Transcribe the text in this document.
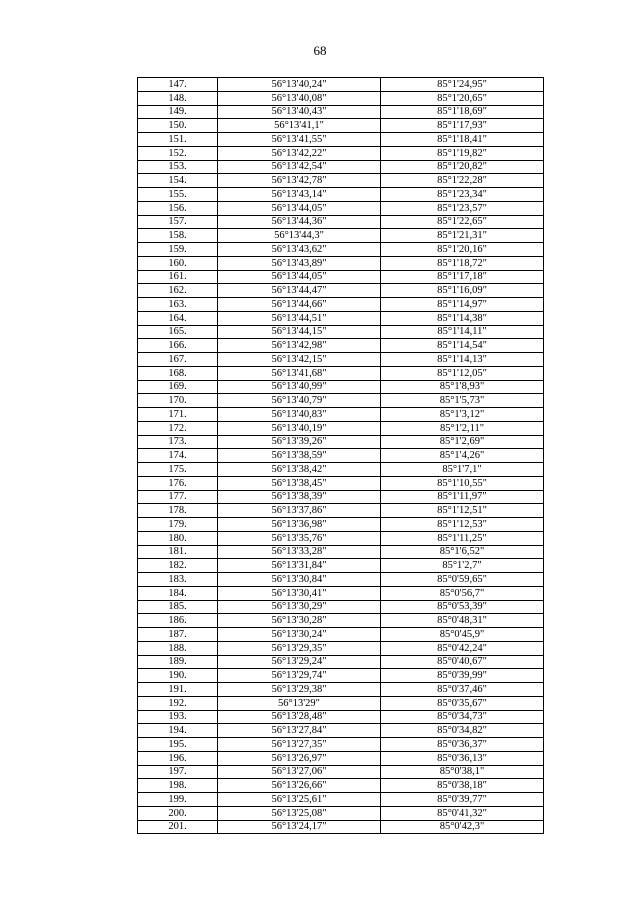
68
147.	56°13'40,24"	85°1'24,95"
148.	56°13'40,08"	85°1'20,65"
149.	56°13'40,43"	85°1'18,69"
150.	56°13'41,1"	85°1'17,93"
151.	56°13'41,55"	85°1'18,41"
152.	56°13'42,22"	85°1'19,82"
153.	56°13'42,54"	85°1'20,82"
154.	56°13'42,78"	85°1'22,28"
155.	56°13'43,14"	85°1'23,34"
156.	56°13'44,05"	85°1'23,57"
157.	56°13'44,36"	85°1'22,65"
158.	56°13'44,3"	85°1'21,31"
159.	56°13'43,62"	85°1'20,16"
160.	56°13'43,89"	85°1'18,72"
161.	56°13'44,05"	85°1'17,18"
162.	56°13'44,47"	85°1'16,09"
163.	56°13'44,66"	85°1'14,97"
164.	56°13'44,51"	85°1'14,38"
165.	56°13'44,15"	85°1'14,11"
166.	56°13'42,98"	85°1'14,54"
167.	56°13'42,15"	85°1'14,13"
168.	56°13'41,68"	85°1'12,05"
169.	56°13'40,99"	85°1'8,93"
170.	56°13'40,79"	85°1'5,73"
171.	56°13'40,83"	85°1'3,12"
172.	56°13'40,19"	85°1'2,11"
173.	56°13'39,26"	85°1'2,69"
174.	56°13'38,59"	85°1'4,26"
175.	56°13'38,42"	85°1'7,1"
176.	56°13'38,45"	85°1'10,55"
177.	56°13'38,39"	85°1'11,97"
178.	56°13'37,86"	85°1'12,51"
179.	56°13'36,98"	85°1'12,53"
180.	56°13'35,76"	85°1'11,25"
181.	56°13'33,28"	85°1'6,52"
182.	56°13'31,84"	85°1'2,7"
183.	56°13'30,84"	85°0'59,65"
184.	56°13'30,41"	85°0'56,7"
185.	56°13'30,29"	85°0'53,39"
186.	56°13'30,28"	85°0'48,31"
187.	56°13'30,24"	85°0'45,9"
188.	56°13'29,35"	85°0'42,24"
189.	56°13'29,24"	85°0'40,67"
190.	56°13'29,74"	85°0'39,99"
191.	56°13'29,38"	85°0'37,46"
192.	56°13'29"	85°0'35,67"
193.	56°13'28,48"	85°0'34,73"
194.	56°13'27,84"	85°0'34,82"
195.	56°13'27,35"	85°0'36,37"
196.	56°13'26,97"	85°0'36,13"
197.	56°13'27,06"	85°0'38,1"
198.	56°13'26,66"	85°0'38,18"
199.	56°13'25,61"	85°0'39,77"
200.	56°13'25,08"	85°0'41,32"
201.	56°13'24,17"	85°0'42,3"
